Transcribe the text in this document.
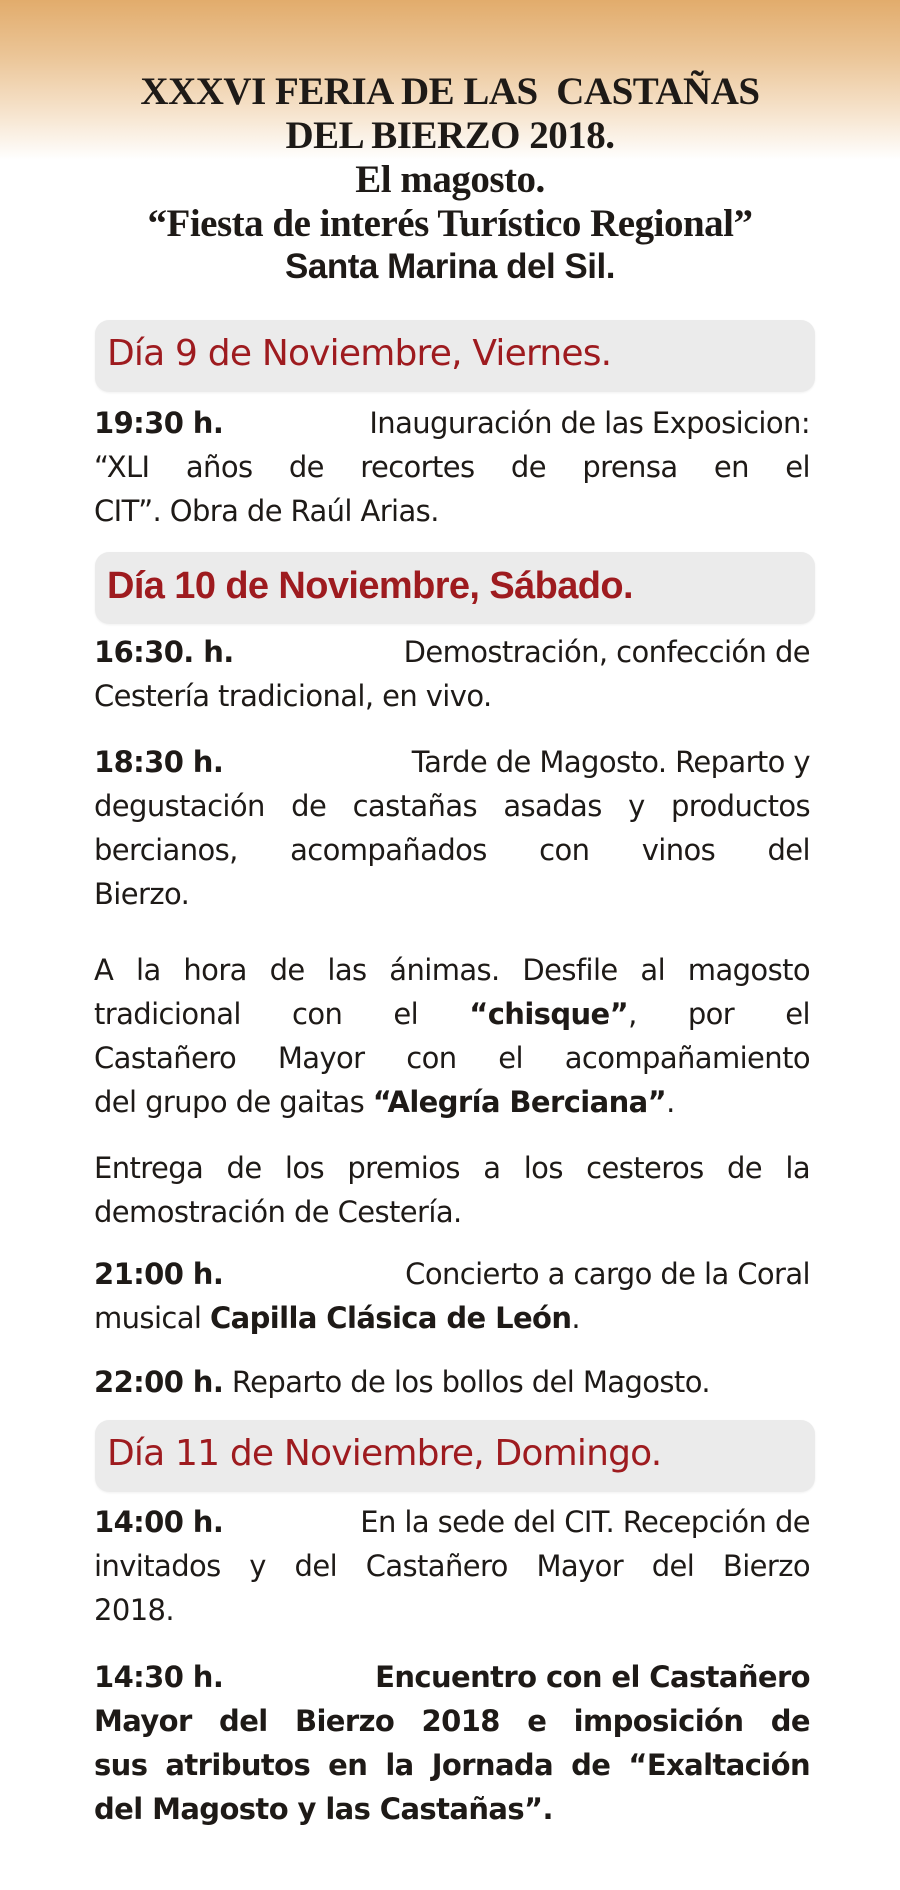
XXXVI FERIA DE LAS  CASTAÑAS
DEL BIERZO 2018.
El magosto.
“Fiesta de interés Turístico Regional”
Santa Marina del Sil.
Día 9 de Noviembre, Viernes.
19:30 h.	Inauguración de las Exposicion:
“XLI años de recortes de prensa en el
CIT”. Obra de Raúl Arias.
Día 10 de Noviembre, Sábado.
16:30. h.	Demostración, confección de
Cestería tradicional, en vivo.
18:30 h.	Tarde de Magosto. Reparto y
degustación de castañas asadas y productos
bercianos, acompañados con vinos del
Bierzo.
A la hora de las ánimas. Desfile al magosto
tradicional con el “chisque”, por el
Castañero Mayor con el acompañamiento
del grupo de gaitas “Alegría Berciana”.
Entrega de los premios a los cesteros de la
demostración de Cestería.
21:00 h.	Concierto a cargo de la Coral
musical Capilla Clásica de León.
22:00 h. Reparto de los bollos del Magosto.
Día 11 de Noviembre, Domingo.
14:00 h.	En la sede del CIT. Recepción de
invitados y del Castañero Mayor del Bierzo
2018.
14:30 h.	Encuentro con el Castañero
Mayor del Bierzo 2018 e imposición de
sus atributos en la Jornada de “Exaltación
del Magosto y las Castañas”.
